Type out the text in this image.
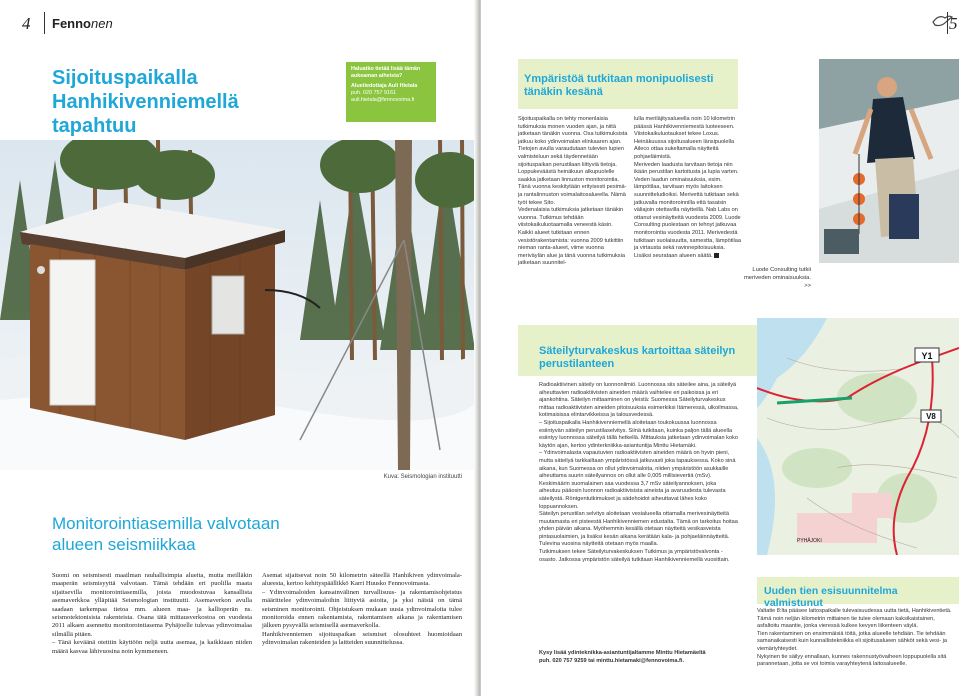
4 Fennonen
Sijoituspaikalla Hanhikivenniemellä tapahtuu
Haluatko tietää lisää tämän aukeaman aiheista?
Aluetiedottaja Auli Hietala
puh. 020 757 9161
auli.hietala@fennovoima.fi
Kuva: Seismologian instituutti
Monitorointiasemilla valvotaan alueen seismiikkaa
Suomi on seismisesti maailman rauhallisimpia alueita, mutta meilläkin maaperän seismisyyttä valvotaan. Tämä tehdään eri puolilla maata sijaitsevilla monitorointiasemilla, joista muodostuvaa kansallista asemaverkkoa ylläpitää Seismologian instituutti. Asemaverkon avulla saadaan tarkempaa tietoa mm. alueen maa- ja kallioperän ns. seismotektonisista rakenteista. Osana tätä mittausverkostoa on vuodesta 2011 alkaen asennettu monitorointiasema Pyhäjoelle tulevaa ydinvoimalaa silmällä pitäen.
– Tänä keväänä otettiin käyttöön neljä uutta asemaa, ja kaikkiaan niiden määrä kasvaa lähivuosina noin kymmeneen.
Asemat sijaitsevat noin 50 kilometrin säteellä Hanhikiven ydinvoimala-alueesta, kertoo kehityspäällikkö Karri Huusko Fennovoimasta.
– Ydinvoimaloiden kansainvälinen turvallisuus- ja rakentamisohjeistus määrittelee ydinvoimaloihin liittyviä asioita, ja yksi näistä on tämä seisminen monitorointi. Ohjeistuksen mukaan uusia ydinvoimaloita tulee monitoroida ennen rakentamista, rakentamisen aikana ja rakentamisen jälkeen pysyvällä seismisellä asemaverkolla.
Hanhikivenniemen sijoituspaikan seismiset olosuhteet huomioidaan ydinvoimalan rakenteiden ja laitteiden suunnittelussa.
5
Ympäristöä tutkitaan monipuolisesti tänäkin kesänä
Sijoituspaikalla on tehty monenlaisia tutkimuksia monen vuoden ajan, ja niitä jatketaan tänäkin vuonna. Osa tutkimuksista jatkuu koko ydinvoimalan elinkaaren ajan. Tietojen avulla varaudutaan tulevien lupien valmisteluun sekä täydennetään sijoituspaikan perustilaan liittyviä tietoja.
Loppukeväästä heinäkuun alkupuolelle saakka jatketaan linnuston monitorointia. Tänä vuonna keskitytään erityisesti pesimä- ja rantalinnuston voimalaitosalueella. Nämä työt tekee Sito.
Vedenalaisia tutkimuksia jatketaan tänäkin vuonna. Tutkimus tehdään viistokaikuluotaamalla veneestä käsin. Kaikki alueet tutkitaan ennen vesistörakentamista: vuonna 2009 tutkittiin nieman ranta-alueet, viime vuonna meriväylän alue ja tänä vuonna tutkimuksia jatketaan suunnitel-
lulla meriläjitysalueella noin 10 kilometrin päässä Hanhikivenniemestä luoteeseen. Viistokaikuluotaukset tekee Loxus.
Heinäkuussa sijoitusalueen länsipuolella Aileco ottaa sukeltamalla näytteitä pohjaeläimistä.
Meriveden laadusta tarvitaan tietoja niin ikään perustilan kartoitusta ja lupia varten. Veden laadun ominaisuuksia, esim. lämpötilaa, tarvitaan myös laitoksen suunnitteludioiksi. Merivettä tutkitaan sekä jatkuvalla monitoroinnilla että tasaisin väliajoin otettavilla näytteillä. Nab Labs on ottanut vesinäytteitä vuodesta 2009. Luode Consulting puolestaan on tehnyt jatkuvaa monitorointia vuodesta 2011. Merivedestä tutkitaan suolaisuutta, samestta, lämpötilaa ja virtausta sekä ravinnepitoisuuksia. Lisäksi seurataan alueen säätä.
Luode Consulting tutkii meriveden ominaisuuksia. >>
Säteilyturvakeskus kartoittaa säteilyn perustilanteen
Y1
V8
PYHÄJOKI
Radioaktiivinen säteily on luonnonilmiö. Luonnossa siis säteilee aina, ja säteilyä aiheuttavien radioaktiivisten aineiden määrä vaihtelee eri paikoissa ja eri ajankohtina. Säteilyn mittaaminen on yleistä: Suomessa Säteilyturvakeskus mittaa radioaktiivisten aineiden pitoisuuksia esimerkiksi Itämeressä, ulkoilmassa, kotimaisissa elintarvikkeissa ja talousvedessä.
– Sijoituspaikalla Hanhikivenniemellä aloitetaan toukokuussa luonnossa esiintyvän säteilyn perustilaselvitys. Siinä tutkitaan, kuinka paljon tällä alueella esiintyy luonnossa säteilyä tällä hetkellä. Mittauksia jatketaan ydinvoimalan koko käytön ajan, kertoo ydinterkniikka-asiantuntija Minttu Hietamäki.
– Ydinvoimalasta vapautuvien radioaktiivisten aineiden määrä on hyvin pieni, mutta säteilyä tarkkailtaan ympäristössä jatkuvasti joka tapauksessa. Koko sinä aikana, kun Suomessa on ollut ydinvoimaloita, niiden ympäristöön asukkaille aiheuttama suurin säteilyannos on ollut alle 0,005 millisievertiä (mSv). Keskimäärin suomalainen saa vuodessa 3,7 mSv säteilyannoksen, joka aiheutuu pääosin luonnon radioaktiivisista aineista ja avaruudesta tulevasta säteilystä. Röntgentutkimukset ja sädehoidot aiheuttavat lähes koko loppuannoksen.
Säteilyn perustilan selvitys aloitetaan vesialueella ottamalla merivesinäytteitä muutamasta eri pisteestä Hanhikivenniemen edustalta. Tämä on tarkoitus hoitaa yhden päivän aikana. Myöhemmin kesällä otetaan näytteitä vesikasveista pintasuolaimien, ja lisäksi kesän aikana kerätään kala- ja pohjaeläinnäytteitä. Tulevina vuosina näytteitä otetaan myös maalla.
Tutkimuksen tekee Säteilyturvakeskuksen Tutkimus ja ympäristövalvonta -osasto. Jatkossa ympäristön säteilyä tutkitaan Hanhikivenniemellä vuosittain.
Kysy lisää ydinteknikka-asiantuntijaltamme Minttu Hietamäeltä
puh. 020 757 9259 tai minttu.hietamaki@fennovoima.fi.
Uuden tien esisuunnitelma valmistunut
Valtatie 8:lta pääsee laitospaikalle tulevaisuudessa uutta tietä, Hanhikiventietä. Tämä noin neljän kilometrin mittainen tie tulee olemaan kaksikaistainen, asfaltoitu maantie, jonka vieressä kulkee kevyen liikenteen väylä.
Tien rakentaminen on ensimmäisiä töitä, jotka alueelle tehdään. Tie tehdään samanaikaisesti kuin kunnallistekniikka eli sijoitusalueen sähköt sekä vesi- ja viemäriyhteydet.
Nykyinen tie säilyy ennallaan, kunnes rakennustyövaiheen loppupuolella sitä parannetaan, jotta se voi toimia varayhteytenä laitosalueelle.
